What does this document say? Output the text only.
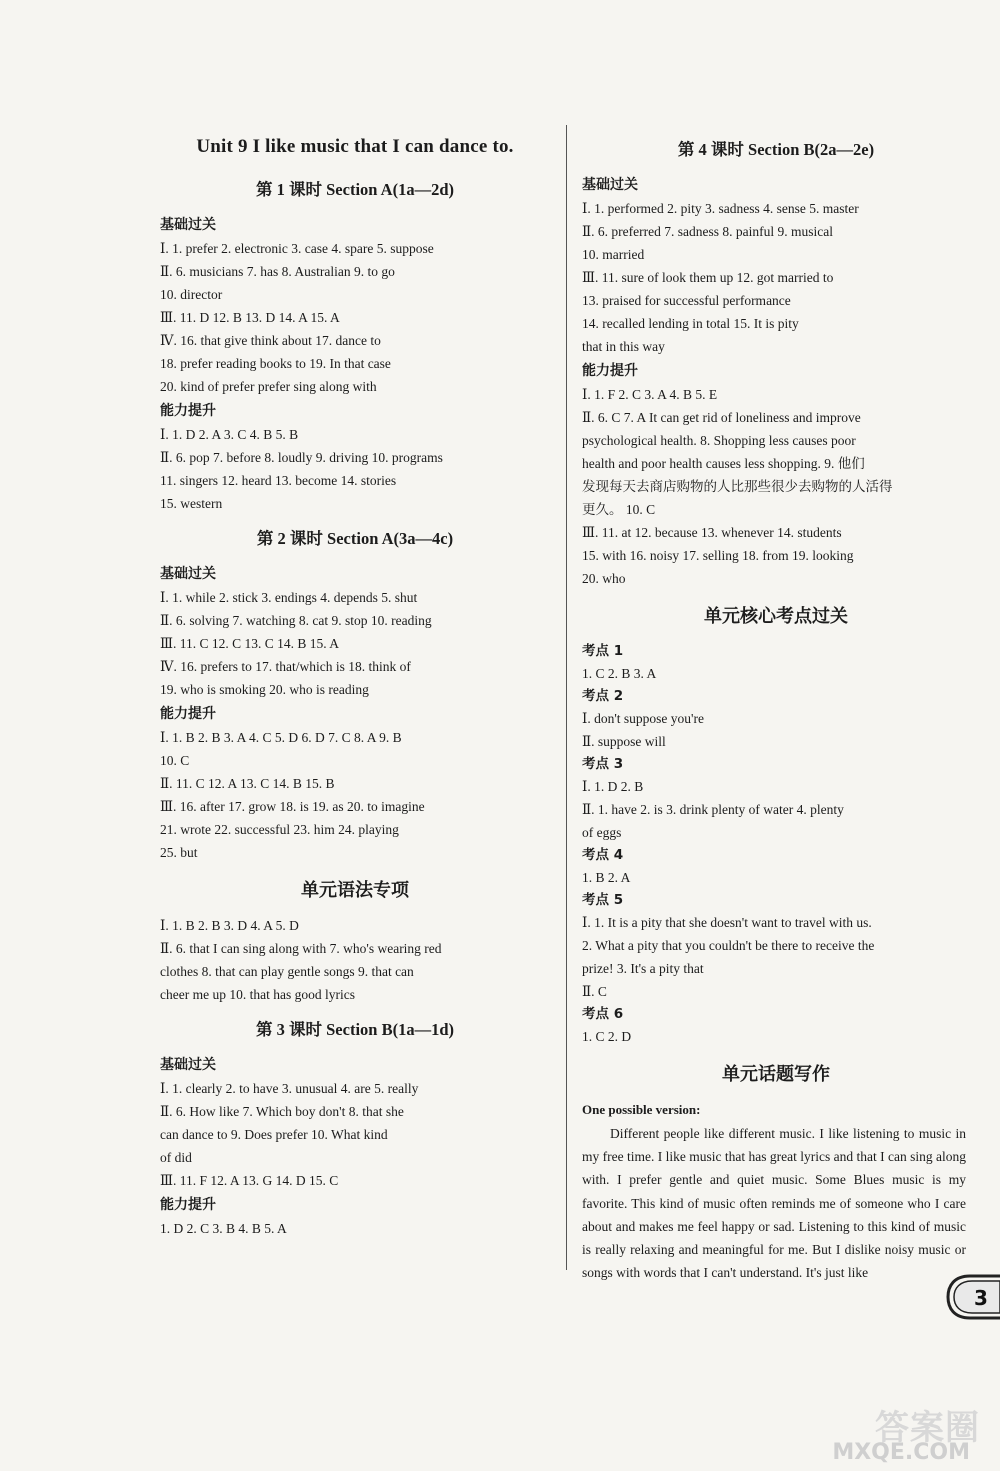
Unit 9 I like music that I can dance to.
第 1 课时 Section A(1a—2d)
基础过关
Ⅰ. 1. prefer 2. electronic 3. case 4. spare 5. suppose
Ⅱ. 6. musicians 7. has 8. Australian 9. to go
10. director
Ⅲ. 11. D 12. B 13. D 14. A 15. A
Ⅳ. 16. that give think about 17. dance to
18. prefer reading books to 19. In that case
20. kind of prefer prefer sing along with
能力提升
Ⅰ. 1. D 2. A 3. C 4. B 5. B
Ⅱ. 6. pop 7. before 8. loudly 9. driving 10. programs
11. singers 12. heard 13. become 14. stories
15. western
第 2 课时 Section A(3a—4c)
基础过关
Ⅰ. 1. while 2. stick 3. endings 4. depends 5. shut
Ⅱ. 6. solving 7. watching 8. cat 9. stop 10. reading
Ⅲ. 11. C 12. C 13. C 14. B 15. A
Ⅳ. 16. prefers to 17. that/which is 18. think of
19. who is smoking 20. who is reading
能力提升
Ⅰ. 1. B 2. B 3. A 4. C 5. D 6. D 7. C 8. A 9. B
10. C
Ⅱ. 11. C 12. A 13. C 14. B 15. B
Ⅲ. 16. after 17. grow 18. is 19. as 20. to imagine
21. wrote 22. successful 23. him 24. playing
25. but
单元语法专项
Ⅰ. 1. B 2. B 3. D 4. A 5. D
Ⅱ. 6. that I can sing along with 7. who's wearing red
clothes 8. that can play gentle songs 9. that can
cheer me up 10. that has good lyrics
第 3 课时 Section B(1a—1d)
基础过关
Ⅰ. 1. clearly 2. to have 3. unusual 4. are 5. really
Ⅱ. 6. How like 7. Which boy don't 8. that she
can dance to 9. Does prefer 10. What kind
of did
Ⅲ. 11. F 12. A 13. G 14. D 15. C
能力提升
1. D 2. C 3. B 4. B 5. A
第 4 课时 Section B(2a—2e)
基础过关
Ⅰ. 1. performed 2. pity 3. sadness 4. sense 5. master
Ⅱ. 6. preferred 7. sadness 8. painful 9. musical
10. married
Ⅲ. 11. sure of look them up 12. got married to
13. praised for successful performance
14. recalled lending in total 15. It is pity
that in this way
能力提升
Ⅰ. 1. F 2. C 3. A 4. B 5. E
Ⅱ. 6. C 7. A It can get rid of loneliness and improve
psychological health. 8. Shopping less causes poor
health and poor health causes less shopping. 9. 他们
发现每天去商店购物的人比那些很少去购物的人活得
更久。 10. C
Ⅲ. 11. at 12. because 13. whenever 14. students
15. with 16. noisy 17. selling 18. from 19. looking
20. who
单元核心考点过关
考点 1
1. C 2. B 3. A
考点 2
Ⅰ. don't suppose you're
Ⅱ. suppose will
考点 3
Ⅰ. 1. D 2. B
Ⅱ. 1. have 2. is 3. drink plenty of water 4. plenty
of eggs
考点 4
1. B 2. A
考点 5
Ⅰ. 1. It is a pity that she doesn't want to travel with us.
2. What a pity that you couldn't be there to receive the
prize! 3. It's a pity that
Ⅱ. C
考点 6
1. C 2. D
单元话题写作
One possible version:

Different people like different music. I like listening to music in my free time. I like music that has great lyrics and that I can sing along with. I prefer gentle and quiet music. Some Blues music is my favorite. This kind of music often reminds me of someone who I care about and makes me feel happy or sad. Listening to this kind of music is really relaxing and meaningful for me. But I dislike noisy music or songs with words that I can't understand. It's just like

3
答案圈
MXQE.COM
